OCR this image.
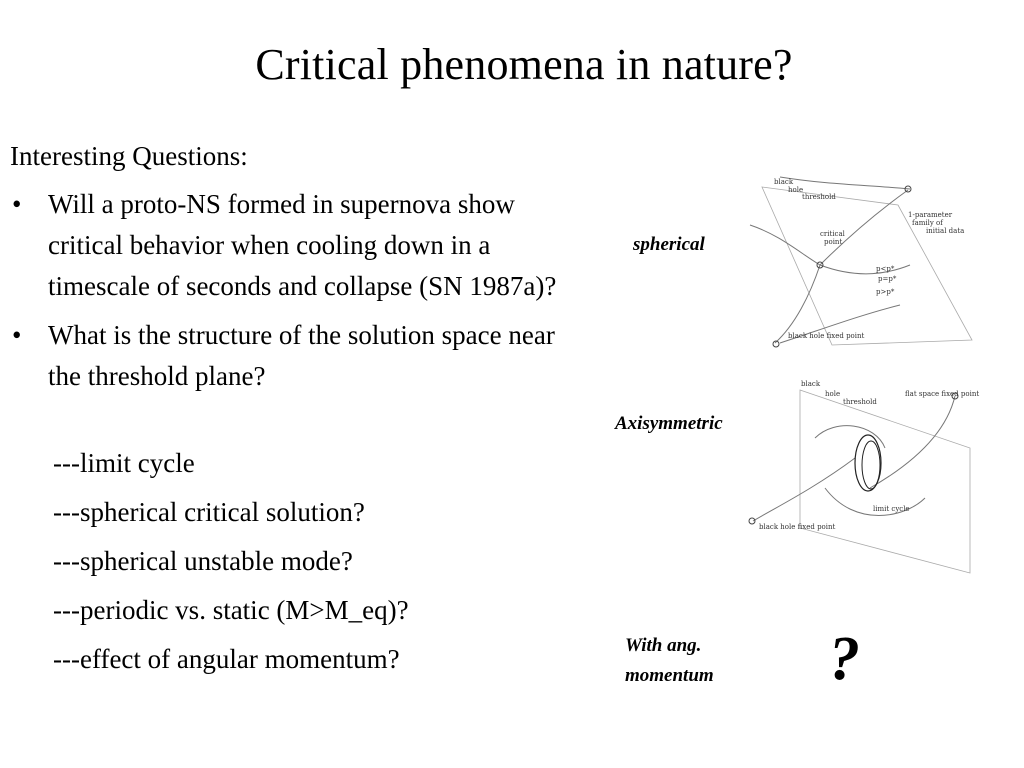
Critical phenomena in nature?
Interesting Questions:
• Will a proto-NS formed in supernova show critical behavior when cooling down in a timescale of seconds and collapse (SN 1987a)?
• What is the structure of the solution space near the threshold plane?
---limit cycle
---spherical critical solution?
---spherical unstable mode?
---periodic vs. static (M>M_eq)?
---effect of angular momentum?
spherical
Axisymmetric
With ang.
momentum ?
black
hole
threshold
critical
point
1-parameter
family of
initial data
p<p*
p=p*
p>p*
black hole fixed point
black
hole
threshold
flat space fixed point
limit cycle
black hole fixed point
